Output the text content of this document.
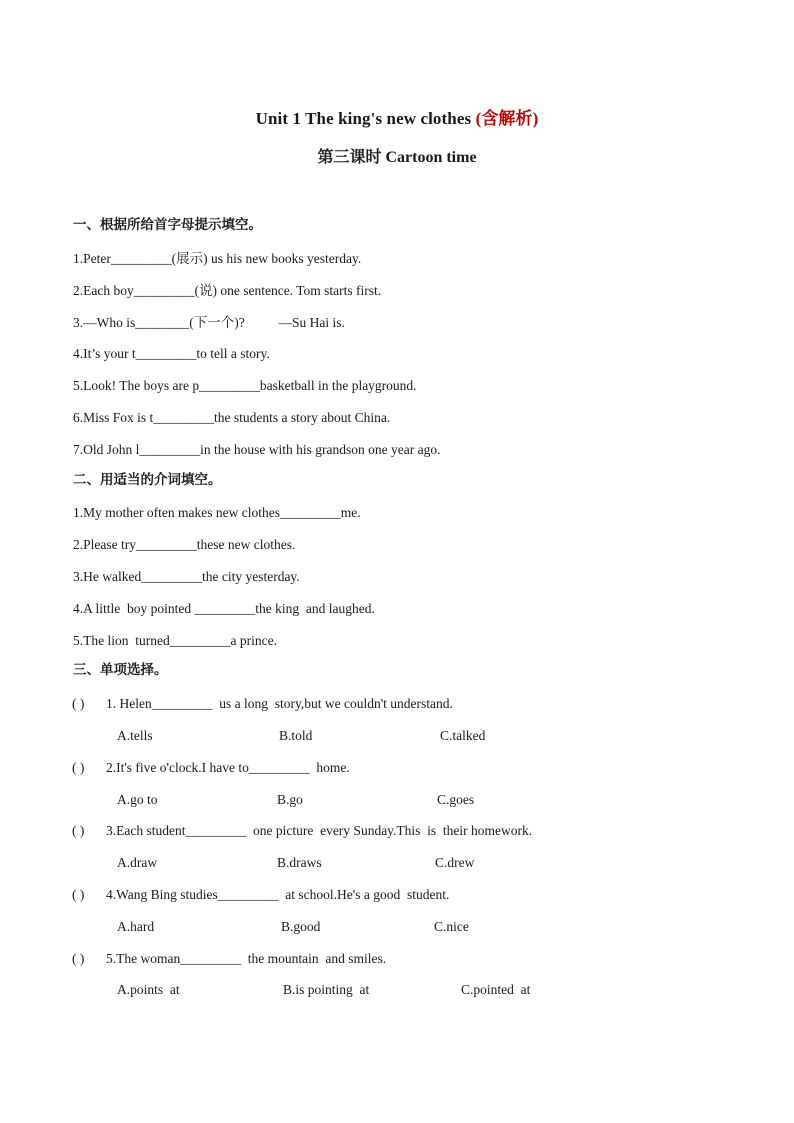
Unit 1 The king's new clothes (含解析)
第三课时 Cartoon time
一、根据所给首字母提示填空。
1.Peter_________(展示) us his new books yesterday.
2.Each boy_________(说) one sentence. Tom starts first.
3.—Who is________(下一个)?          —Su Hai is.
4.It’s your t_________to tell a story.
5.Look! The boys are p_________basketball in the playground.
6.Miss Fox is t_________the students a story about China.
7.Old John l_________in the house with his grandson one year ago.
二、用适当的介词填空。
1.My mother often makes new clothes_________me.
2.Please try_________these new clothes.
3.He walked_________the city yesterday.
4.A little  boy pointed _________the king  and laughed.
5.The lion  turned_________a prince.
三、单项选择。
( ) 1. Helen_________  us a long  story,but we couldn't understand.
A.tells	B.told	C.talked
( ) 2.It's five o'clock.I have to_________  home.
A.go to	B.go	C.goes
( ) 3.Each student_________  one picture  every Sunday.This  is  their homework.
A.draw	B.draws	C.drew
( ) 4.Wang Bing studies_________  at school.He's a good  student.
A.hard	B.good	C.nice
( ) 5.The woman_________  the mountain  and smiles.
A.points  at	B.is pointing  at	C.pointed  at
